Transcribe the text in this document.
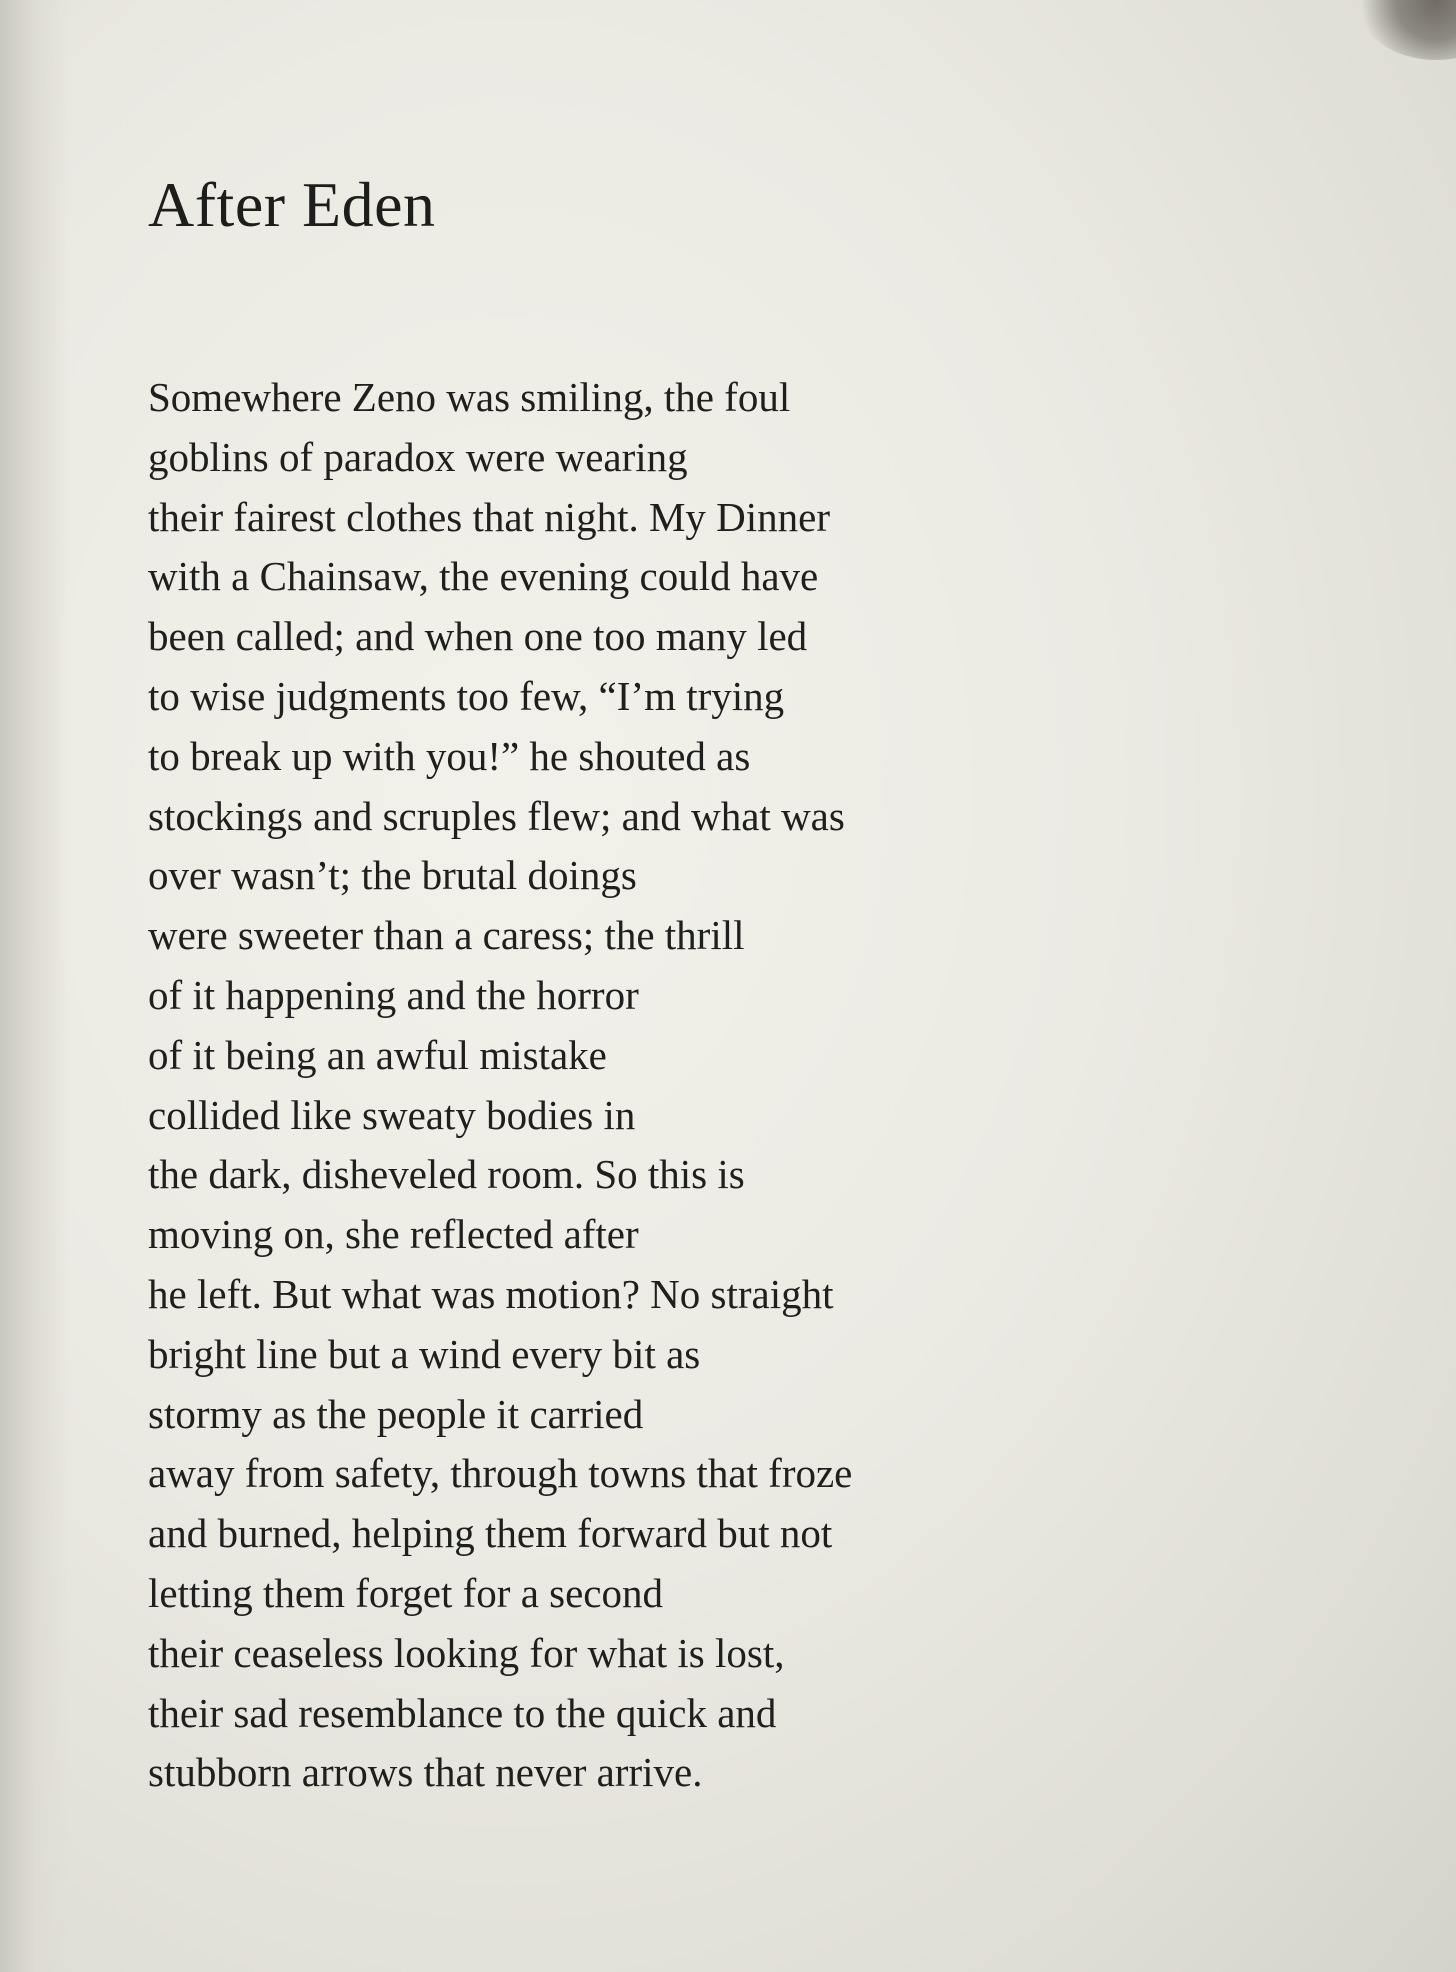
After Eden
Somewhere Zeno was smiling, the foul
goblins of paradox were wearing
their fairest clothes that night. My Dinner
with a Chainsaw, the evening could have
been called; and when one too many led
to wise judgments too few, “I’m trying
to break up with you!” he shouted as
stockings and scruples flew; and what was
over wasn’t; the brutal doings
were sweeter than a caress; the thrill
of it happening and the horror
of it being an awful mistake
collided like sweaty bodies in
the dark, disheveled room. So this is
moving on, she reflected after
he left. But what was motion? No straight
bright line but a wind every bit as
stormy as the people it carried
away from safety, through towns that froze
and burned, helping them forward but not
letting them forget for a second
their ceaseless looking for what is lost,
their sad resemblance to the quick and
stubborn arrows that never arrive.
